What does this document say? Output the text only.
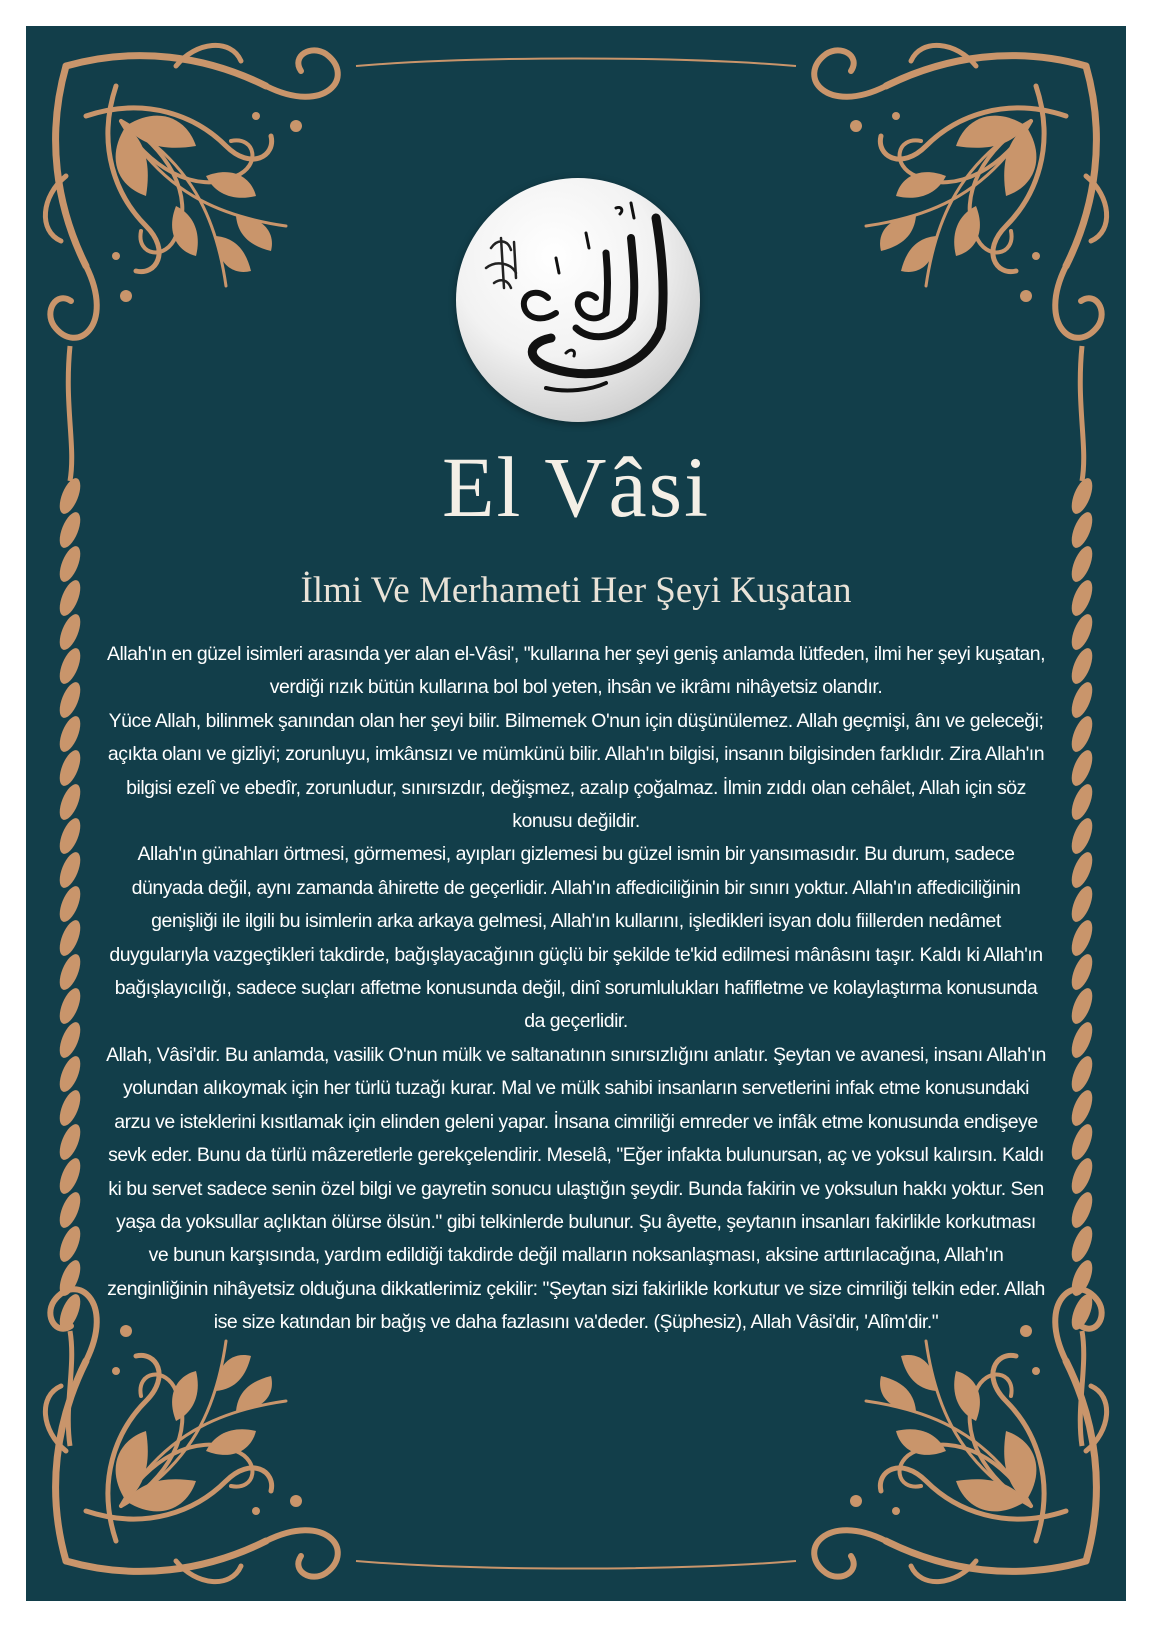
الواسع
El Vâsi
İlmi Ve Merhameti Her Şeyi Kuşatan

Allah'ın en güzel isimleri arasında yer alan el-Vâsi', "kullarına her şeyi geniş anlamda lütfeden, ilmi her şeyi kuşatan, verdiği rızık bütün kullarına bol bol yeten, ihsân ve ikrâmı nihâyetsiz olandır.

Yüce Allah, bilinmek şanından olan her şeyi bilir. Bilmemek O'nun için düşünülemez. Allah geçmişi, ânı ve geleceği; açıkta olanı ve gizliyi; zorunluyu, imkânsızı ve mümkünü bilir. Allah'ın bilgisi, insanın bilgisinden farklıdır. Zira Allah'ın bilgisi ezelî ve ebedîr, zorunludur, sınırsızdır, değişmez, azalıp çoğalmaz. İlmin zıddı olan cehâlet, Allah için söz konusu değildir.

Allah'ın günahları örtmesi, görmemesi, ayıpları gizlemesi bu güzel ismin bir yansımasıdır. Bu durum, sadece dünyada değil, aynı zamanda âhirette de geçerlidir. Allah'ın affediciliğinin bir sınırı yoktur. Allah'ın affediciliğinin genişliği ile ilgili bu isimlerin arka arkaya gelmesi, Allah'ın kullarını, işledikleri isyan dolu fiillerden nedâmet duygularıyla vazgeçtikleri takdirde, bağışlayacağının güçlü bir şekilde te'kid edilmesi mânâsını taşır. Kaldı ki Allah'ın bağışlayıcılığı, sadece suçları affetme konusunda değil, dinî sorumlulukları hafifletme ve kolaylaştırma konusunda da geçerlidir.

Allah, Vâsi'dir. Bu anlamda, vasilik O'nun mülk ve saltanatının sınırsızlığını anlatır. Şeytan ve avanesi, insanı Allah'ın yolundan alıkoymak için her türlü tuzağı kurar. Mal ve mülk sahibi insanların servetlerini infak etme konusundaki arzu ve isteklerini kısıtlamak için elinden geleni yapar. İnsana cimriliği emreder ve infâk etme konusunda endişeye sevk eder. Bunu da türlü mâzeretlerle gerekçelendirir. Meselâ, "Eğer infakta bulunursan, aç ve yoksul kalırsın. Kaldı ki bu servet sadece senin özel bilgi ve gayretin sonucu ulaştığın şeydir. Bunda fakirin ve yoksulun hakkı yoktur. Sen yaşa da yoksullar açlıktan ölürse ölsün." gibi telkinlerde bulunur. Şu âyette, şeytanın insanları fakirlikle korkutması ve bunun karşısında, yardım edildiği takdirde değil malların noksanlaşması, aksine arttırılacağına, Allah'ın zenginliğinin nihâyetsiz olduğuna dikkatlerimiz çekilir: "Şeytan sizi fakirlikle korkutur ve size cimriliği telkin eder. Allah ise size katından bir bağış ve daha fazlasını va'deder. (Şüphesiz), Allah Vâsi'dir, 'Alîm'dir."
